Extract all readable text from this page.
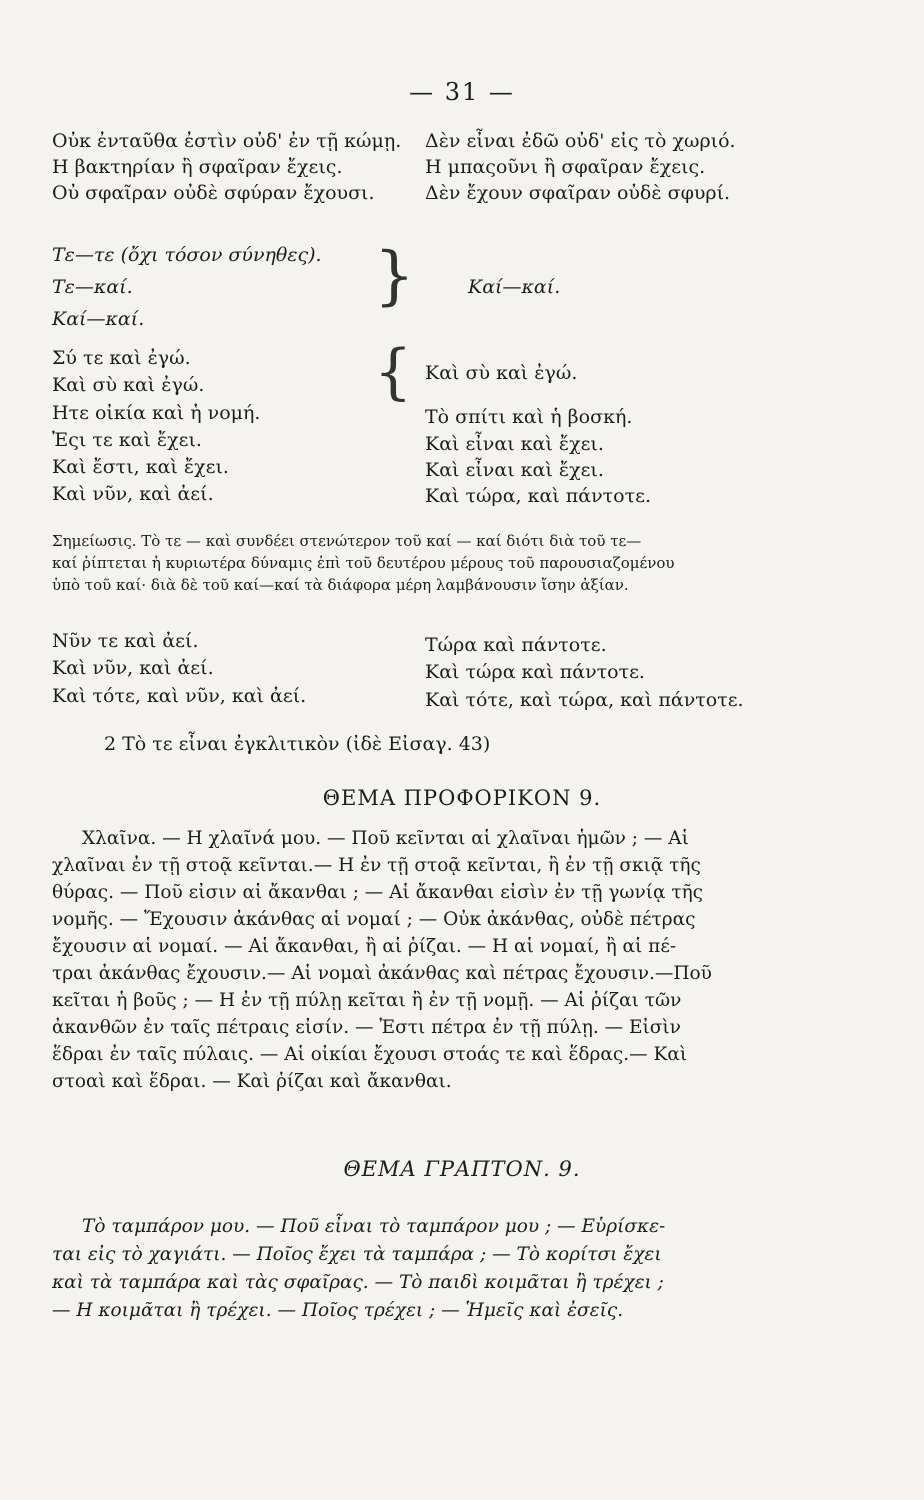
— 31 —
Οὐκ ἐνταῦθα ἐστὶν οὐδ' ἐν τῇ κώμῃ.
Η βακτηρίαν ἢ σφαῖραν ἔχεις.
Οὐ σφαῖραν οὐδὲ σφύραν ἔχουσι.
Δὲν εἶναι ἐδῶ οὐδ' εἰς τὸ χωριό.
Η μπαςοῦνι ἢ σφαῖραν ἔχεις.
Δὲν ἔχουν σφαῖραν οὐδὲ σφυρί.
Τε—τε (ὄχι τόσον σύνηθες).
Τε—καί.
Καί—καί.
}	Καί—καί.
Σύ τε καὶ ἐγώ.
Καὶ σὺ καὶ ἐγώ.
Ητε οἰκία καὶ ἡ νομή.
Ἐςι τε καὶ ἔχει.
Καὶ ἔστι, καὶ ἔχει.
Καὶ νῦν, καὶ ἀεί.
{ Καὶ σὺ καὶ ἐγώ.
Τὸ σπίτι καὶ ἡ βοσκή.
Καὶ εἶναι καὶ ἔχει.
Καὶ εἶναι καὶ ἔχει.
Καὶ τώρα, καὶ πάντοτε.
Σημείωσις. Τὸ τε — καὶ συνδέει στενώτερον τοῦ καί — καί διότι διὰ τοῦ τε—
καί ῥίπτεται ἡ κυριωτέρα δύναμις ἐπὶ τοῦ δευτέρου μέρους τοῦ παρουσιαζομένου
ὑπὸ τοῦ καί· διὰ δὲ τοῦ καί—καί τὰ διάφορα μέρη λαμβάνουσιν ἴσην ἀξίαν.
Νῦν τε καὶ ἀεί.
Καὶ νῦν, καὶ ἀεί.
Καὶ τότε, καὶ νῦν, καὶ ἀεί.
Τώρα καὶ πάντοτε.
Καὶ τώρα καὶ πάντοτε.
Καὶ τότε, καὶ τώρα, καὶ πάντοτε.
2 Τὸ τε εἶναι ἐγκλιτικὸν (ἰδὲ Εἰσαγ. 43)
ΘΕΜΑ ΠΡΟΦΟΡΙΚΟΝ 9.
Χλαῖνα. — Η χλαῖνά μου. — Ποῦ κεῖνται αἱ χλαῖναι ἡμῶν ; — Αἱ
χλαῖναι ἐν τῇ στοᾷ κεῖνται.— Η ἐν τῇ στοᾷ κεῖνται, ἢ ἐν τῇ σκιᾷ τῆς
θύρας. — Ποῦ εἰσιν αἱ ἄκανθαι ; — Αἱ ἄκανθαι εἰσὶν ἐν τῇ γωνίᾳ τῆς
νομῆς. — Ἔχουσιν ἀκάνθας αἱ νομαί ; — Οὐκ ἀκάνθας, οὐδὲ πέτρας
ἔχουσιν αἱ νομαί. — Αἱ ἄκανθαι, ἢ αἱ ῥίζαι. — Η αἱ νομαί, ἢ αἱ πέ-
τραι ἀκάνθας ἔχουσιν.— Αἱ νομαὶ ἀκάνθας καὶ πέτρας ἔχουσιν.—Ποῦ
κεῖται ἡ βοῦς ; — Η ἐν τῇ πύλῃ κεῖται ἢ ἐν τῇ νομῇ. — Αἱ ῥίζαι τῶν
ἀκανθῶν ἐν ταῖς πέτραις εἰσίν. — Ἐστι πέτρα ἐν τῇ πύλῃ. — Εἰσὶν
ἕδραι ἐν ταῖς πύλαις. — Αἱ οἰκίαι ἔχουσι στοάς τε καὶ ἕδρας.— Καὶ
στοαὶ καὶ ἕδραι. — Καὶ ῥίζαι καὶ ἄκανθαι.
ΘΕΜΑ ΓΡΑΠΤΟΝ. 9.
Τὸ ταμπάρον μου. — Ποῦ εἶναι τὸ ταμπάρον μου ; — Εὑρίσκε-
ται εἰς τὸ χαγιάτι. — Ποῖος ἔχει τὰ ταμπάρα ; — Τὸ κορίτσι ἔχει
καὶ τὰ ταμπάρα καὶ τὰς σφαῖρας. — Τὸ παιδὶ κοιμᾶται ἢ τρέχει ;
— Η κοιμᾶται ἢ τρέχει. — Ποῖος τρέχει ; — Ἡμεῖς καὶ ἐσεῖς.
